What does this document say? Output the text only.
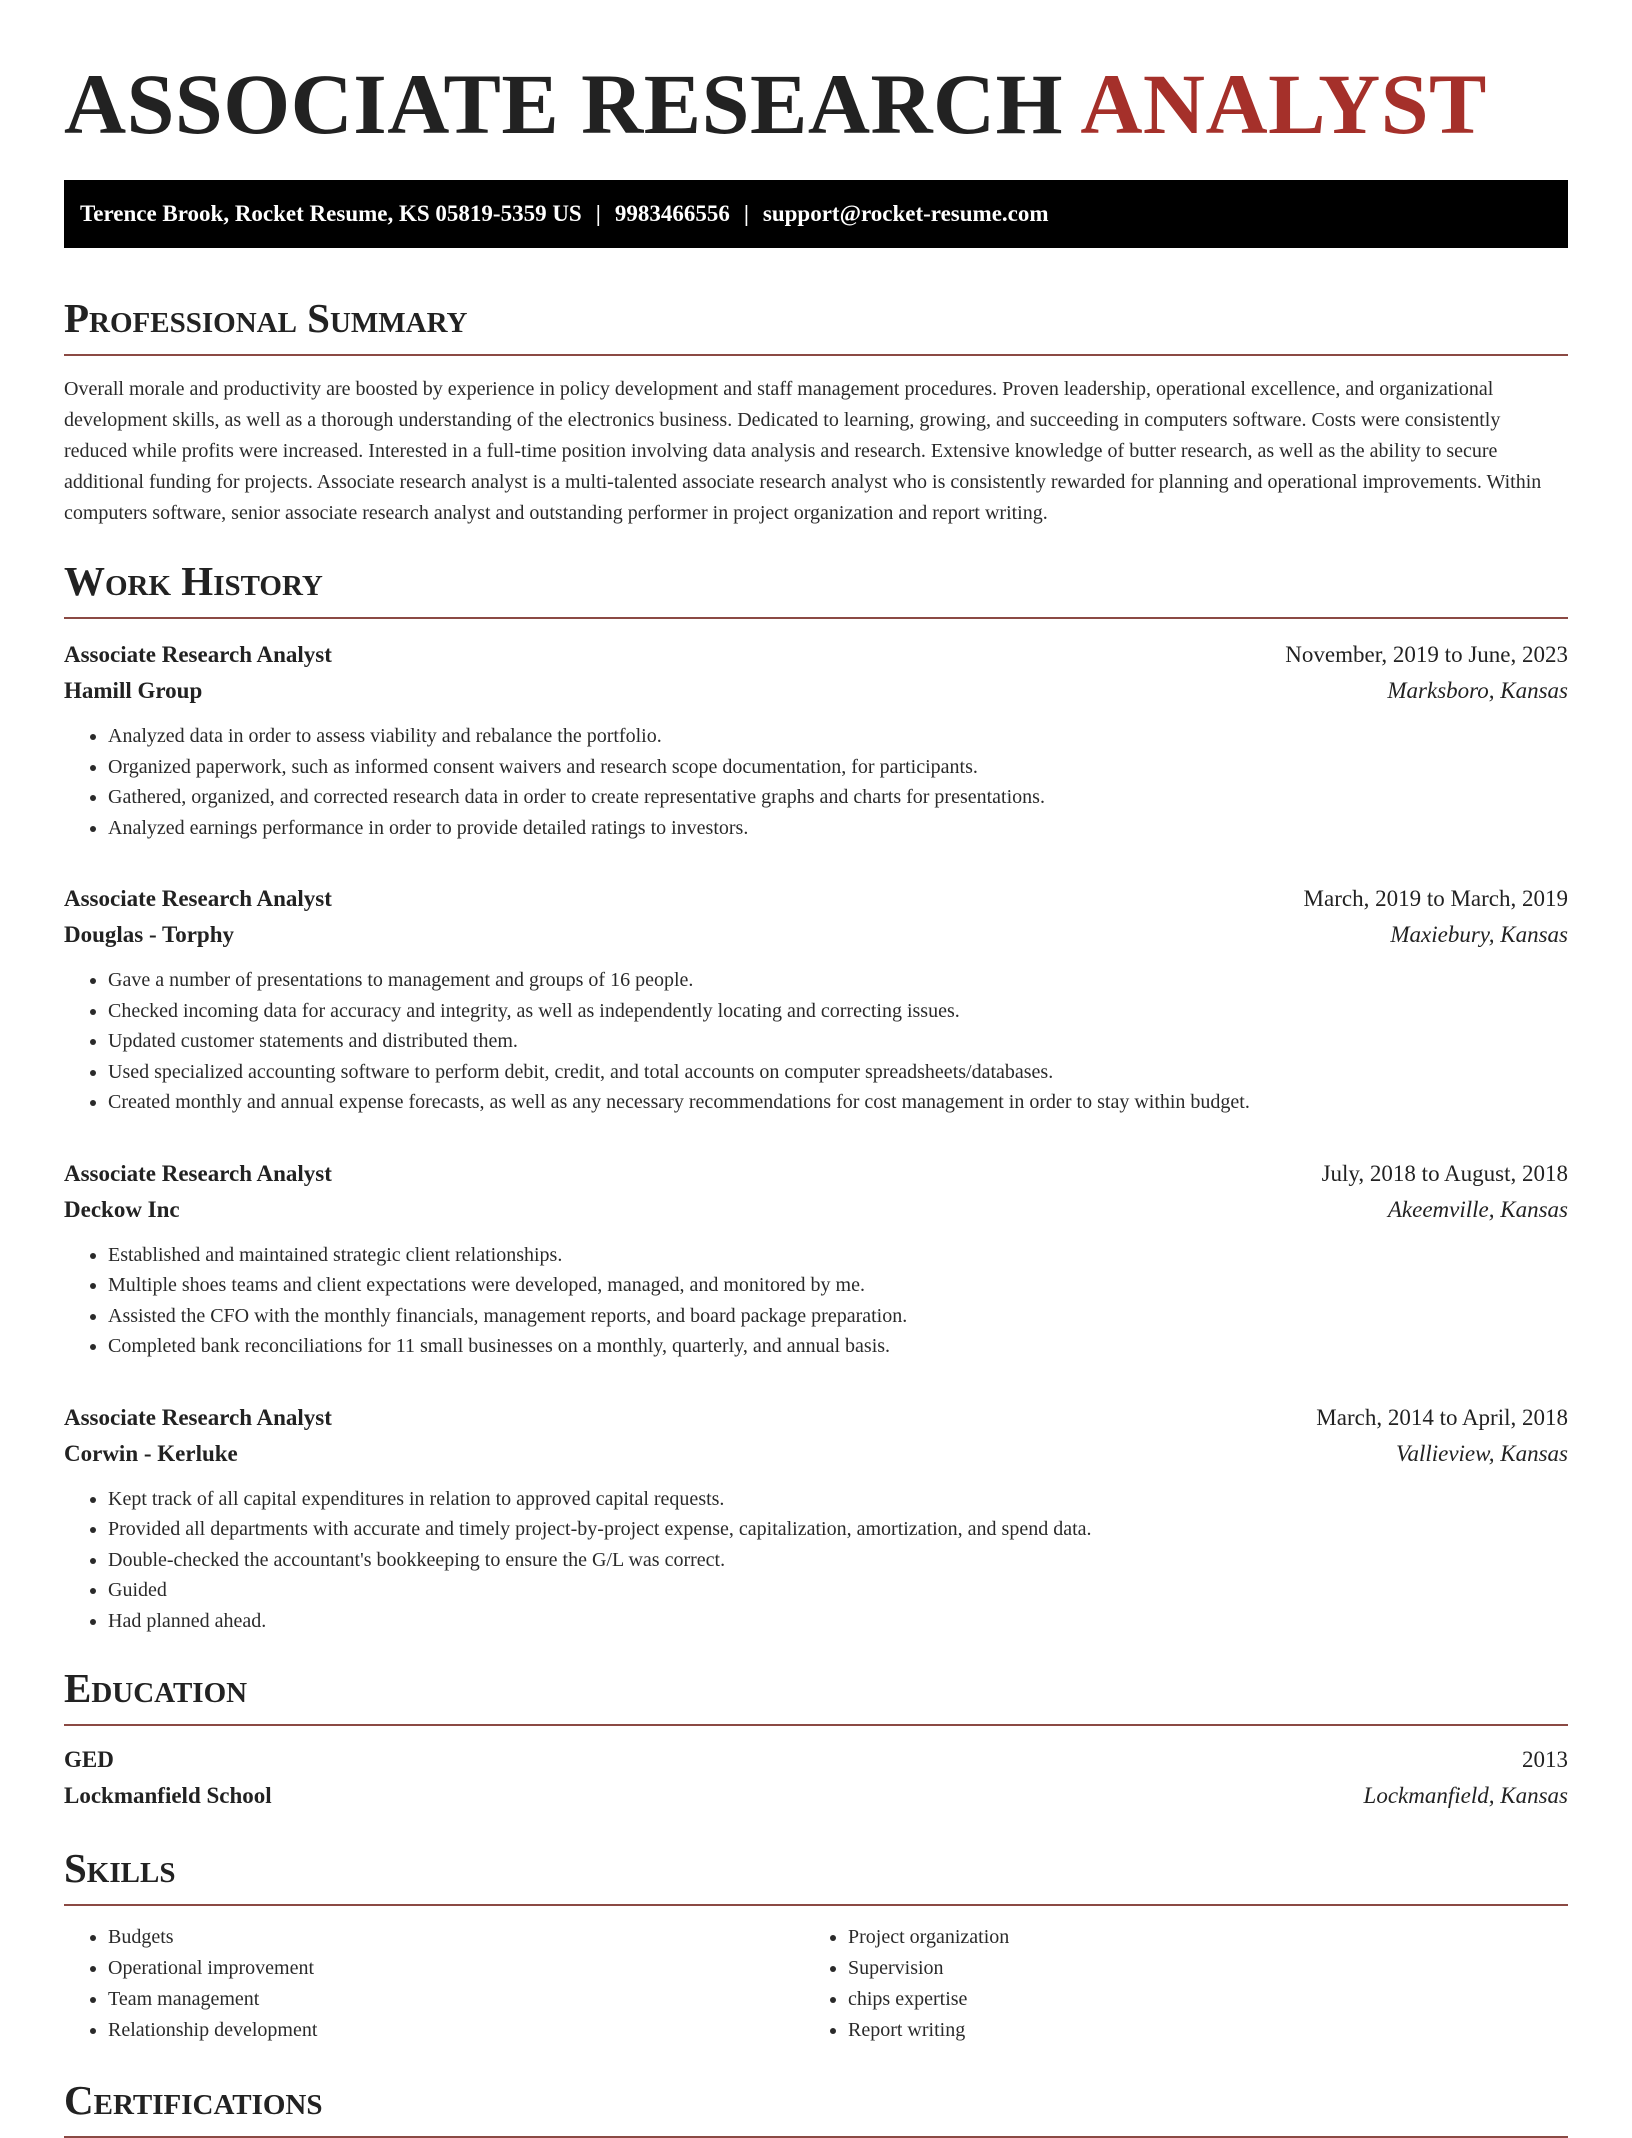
ASSOCIATE RESEARCH ANALYST
Terence Brook, Rocket Resume, KS 05819-5359 US | 9983466556 | support@rocket-resume.com
Professional Summary

Overall morale and productivity are boosted by experience in policy development and staff management procedures. Proven leadership, operational excellence, and organizational development skills, as well as a thorough understanding of the electronics business. Dedicated to learning, growing, and succeeding in computers software. Costs were consistently reduced while profits were increased. Interested in a full-time position involving data analysis and research. Extensive knowledge of butter research, as well as the ability to secure additional funding for projects. Associate research analyst is a multi-talented associate research analyst who is consistently rewarded for planning and operational improvements. Within computers software, senior associate research analyst and outstanding performer in project organization and report writing.

Work History
Associate Research Analyst	November, 2019 to June, 2023
Hamill Group	Marksboro, Kansas
• Analyzed data in order to assess viability and rebalance the portfolio.
• Organized paperwork, such as informed consent waivers and research scope documentation, for participants.
• Gathered, organized, and corrected research data in order to create representative graphs and charts for presentations.
• Analyzed earnings performance in order to provide detailed ratings to investors.
Associate Research Analyst	March, 2019 to March, 2019
Douglas - Torphy	Maxiebury, Kansas
• Gave a number of presentations to management and groups of 16 people.
• Checked incoming data for accuracy and integrity, as well as independently locating and correcting issues.
• Updated customer statements and distributed them.
• Used specialized accounting software to perform debit, credit, and total accounts on computer spreadsheets/databases.
• Created monthly and annual expense forecasts, as well as any necessary recommendations for cost management in order to stay within budget.
Associate Research Analyst	July, 2018 to August, 2018
Deckow Inc	Akeemville, Kansas
• Established and maintained strategic client relationships.
• Multiple shoes teams and client expectations were developed, managed, and monitored by me.
• Assisted the CFO with the monthly financials, management reports, and board package preparation.
• Completed bank reconciliations for 11 small businesses on a monthly, quarterly, and annual basis.
Associate Research Analyst	March, 2014 to April, 2018
Corwin - Kerluke	Vallieview, Kansas
• Kept track of all capital expenditures in relation to approved capital requests.
• Provided all departments with accurate and timely project-by-project expense, capitalization, amortization, and spend data.
• Double-checked the accountant's bookkeeping to ensure the G/L was correct.
• Guided
• Had planned ahead.
Education
GED	2013
Lockmanfield School	Lockmanfield, Kansas
Skills
• Budgets
• Operational improvement
• Team management
• Relationship development
• Project organization
• Supervision
• chips expertise
• Report writing
Certifications
